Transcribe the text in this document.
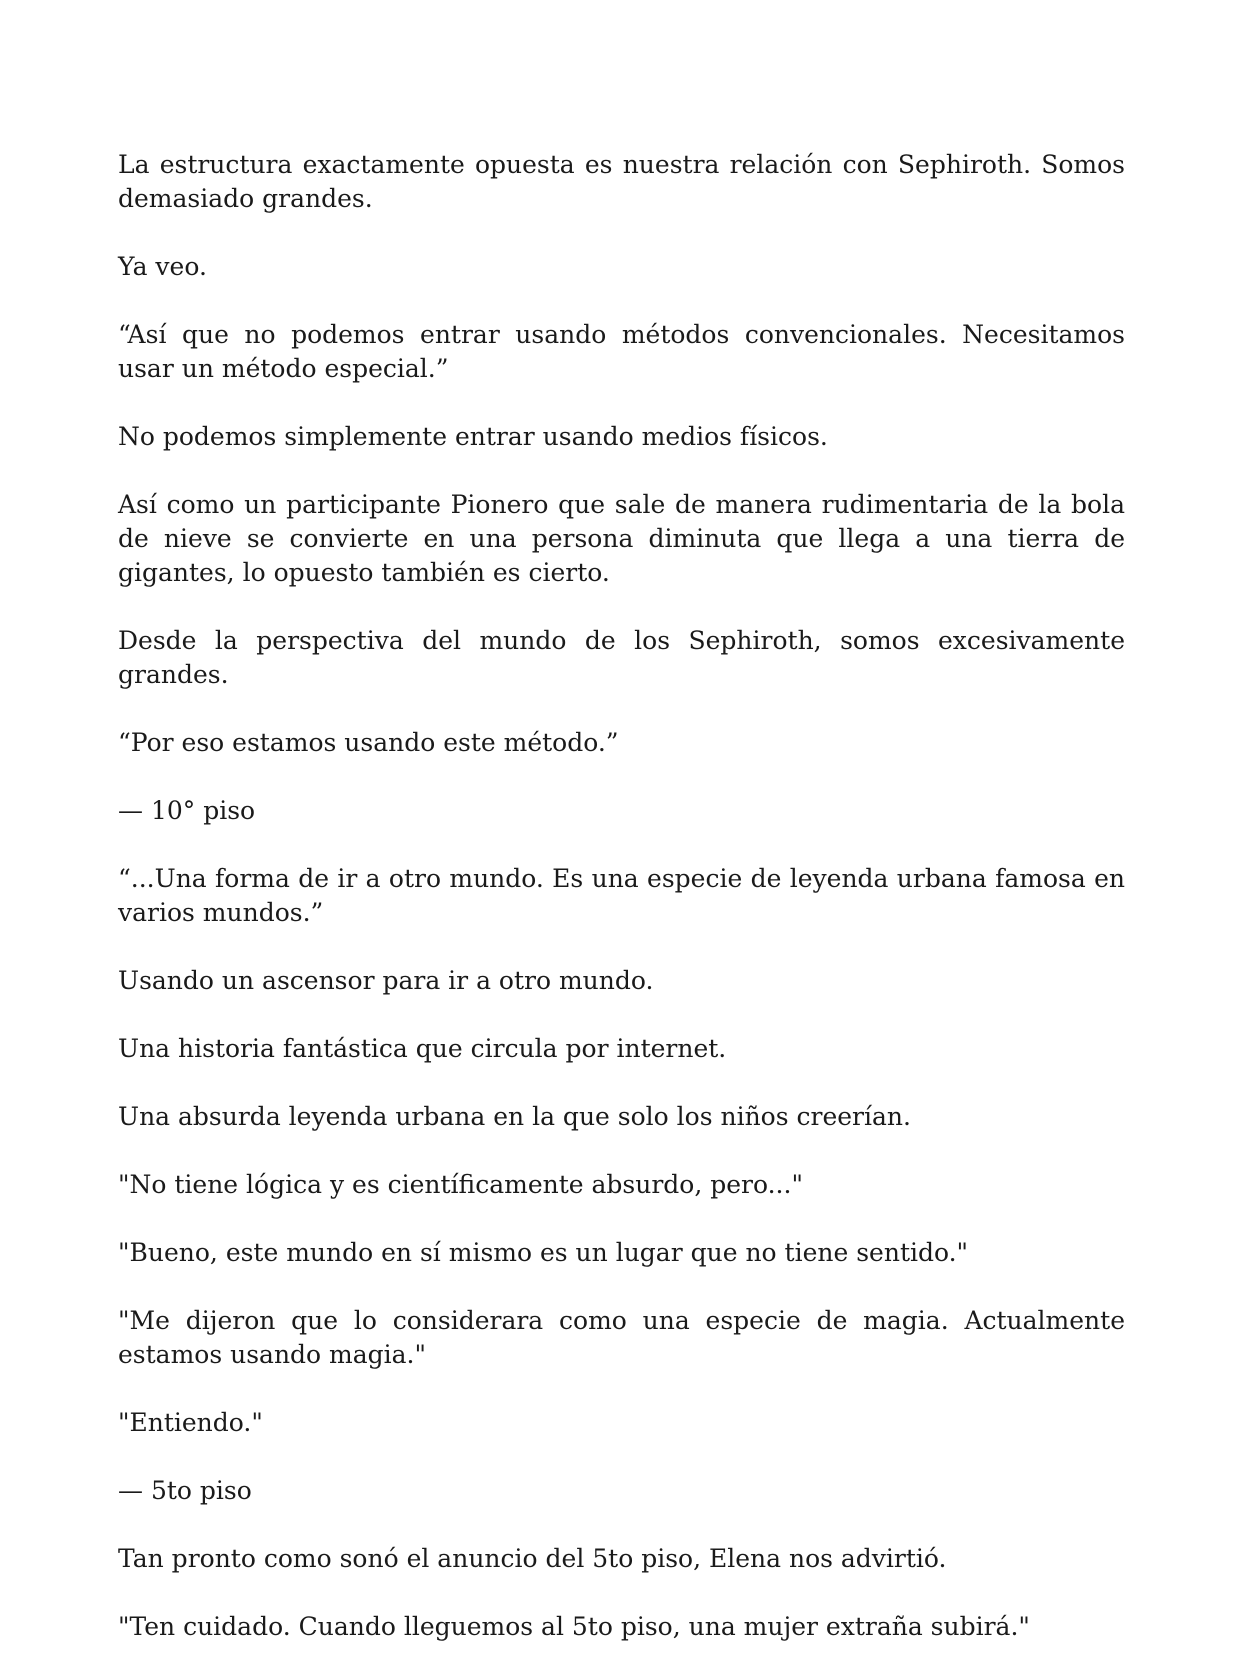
La estructura exactamente opuesta es nuestra relación con Sephiroth. Somos demasiado grandes.

Ya veo.

“Así que no podemos entrar usando métodos convencionales. Necesitamos usar un método especial.”

No podemos simplemente entrar usando medios físicos.

Así como un participante Pionero que sale de manera rudimentaria de la bola de nieve se convierte en una persona diminuta que llega a una tierra de gigantes, lo opuesto también es cierto.

Desde la perspectiva del mundo de los Sephiroth, somos excesivamente grandes.

“Por eso estamos usando este método.”

— 10° piso

“...Una forma de ir a otro mundo. Es una especie de leyenda urbana famosa en varios mundos.”

Usando un ascensor para ir a otro mundo.

Una historia fantástica que circula por internet.

Una absurda leyenda urbana en la que solo los niños creerían.

"No tiene lógica y es científicamente absurdo, pero..."

"Bueno, este mundo en sí mismo es un lugar que no tiene sentido."

"Me dijeron que lo considerara como una especie de magia. Actualmente estamos usando magia."

"Entiendo."

— 5to piso

Tan pronto como sonó el anuncio del 5to piso, Elena nos advirtió.

"Ten cuidado. Cuando lleguemos al 5to piso, una mujer extraña subirá."
